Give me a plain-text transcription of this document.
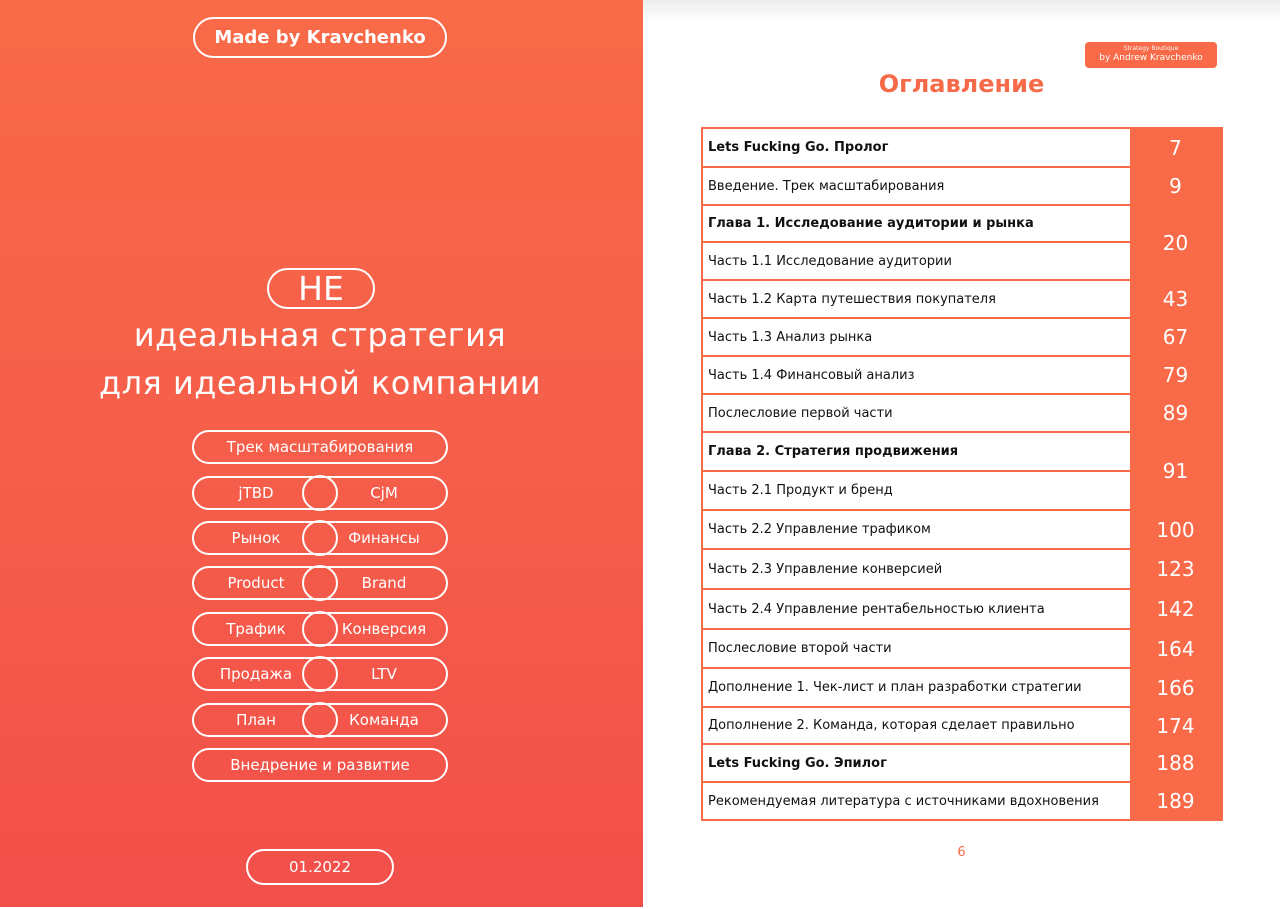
Made by Kravchenko
НЕ
идеальная стратегия
для идеальной компании
Трек масштабирования
jTBD	CjM
Рынок	Финансы
Product	Brand
Трафик	Конверсия
Продажа	LTV
План	Команда
Внедрение и развитие
01.2022
Strategy Boutique
by Andrew Kravchenko
Оглавление
Lets Fucking Go. Пролог	7
Введение. Трек масштабирования	9
Глава 1. Исследование аудитории и рынка	20
Часть 1.1 Исследование аудитории	
Часть 1.2 Карта путешествия покупателя	43
Часть 1.3 Анализ рынка	67
Часть 1.4 Финансовый анализ	79
Послесловие первой части	89
Глава 2. Стратегия продвижения	91
Часть 2.1 Продукт и бренд	
Часть 2.2 Управление трафиком	100
Часть 2.3 Управление конверсией	123
Часть 2.4 Управление рентабельностью клиента	142
Послесловие второй части	164
Дополнение 1. Чек-лист и план разработки стратегии	166
Дополнение 2. Команда, которая сделает правильно	174
Lets Fucking Go. Эпилог	188
Рекомендуемая литература с источниками вдохновения	189
6
